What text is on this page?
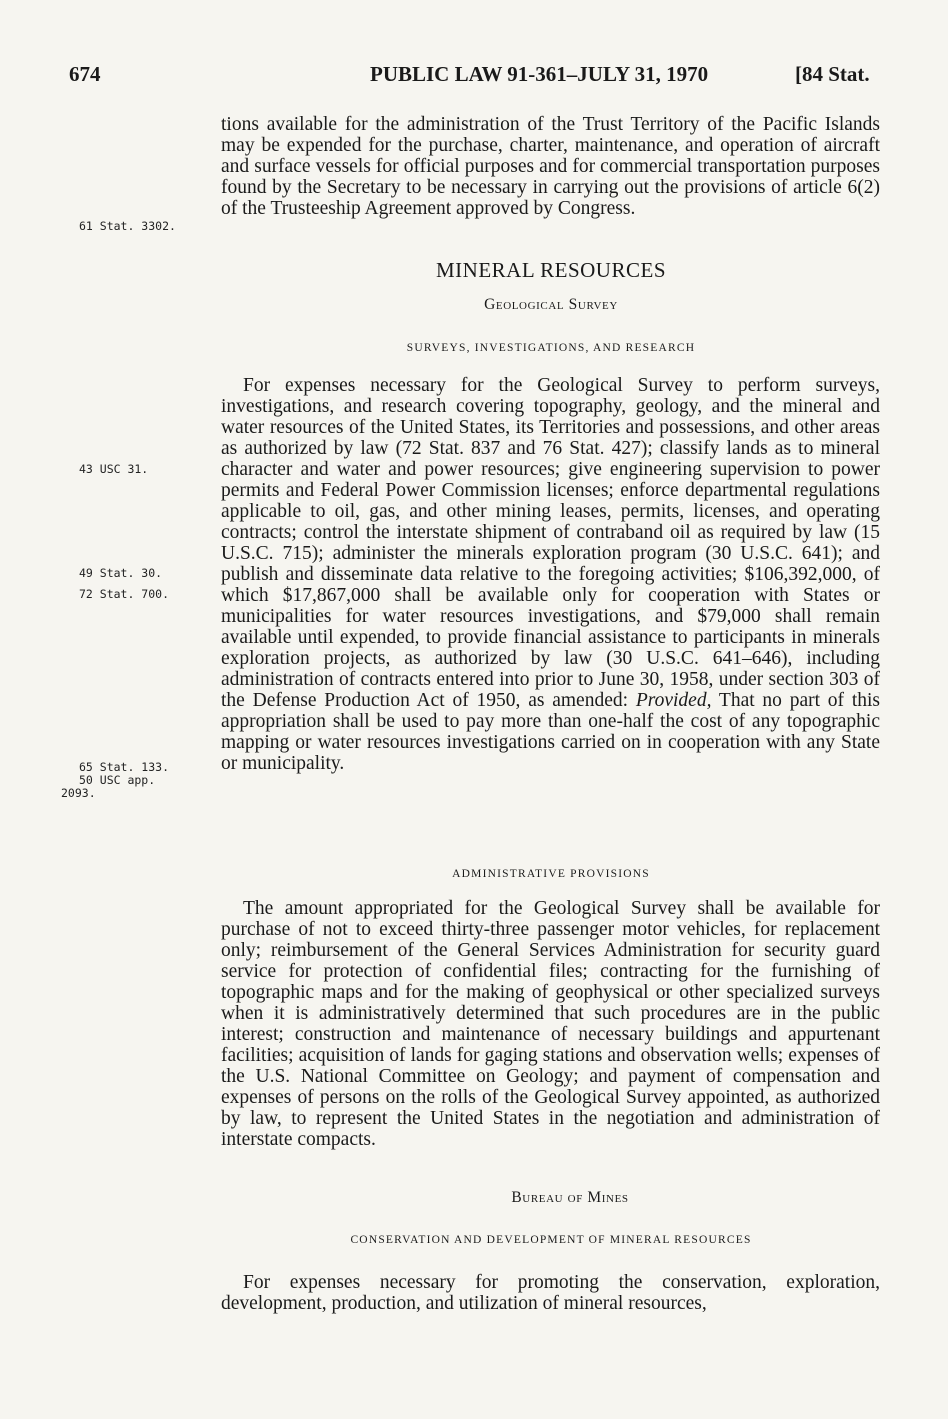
674	PUBLIC LAW 91-361–JULY 31, 1970	[84 Stat.
61 Stat. 3302.
43 USC 31.
49 Stat. 30.
72 Stat. 700.
65 Stat. 133.
50 USC app.
2093.
tions available for the administration of the Trust Territory of the Pacific Islands may be expended for the purchase, charter, maintenance, and operation of aircraft and surface vessels for official purposes and for commercial transportation purposes found by the Secretary to be necessary in carrying out the provisions of article 6(2) of the Trusteeship Agreement approved by Congress.
MINERAL RESOURCES
Geological Survey
SURVEYS, INVESTIGATIONS, AND RESEARCH
For expenses necessary for the Geological Survey to perform surveys, investigations, and research covering topography, geology, and the mineral and water resources of the United States, its Territories and possessions, and other areas as authorized by law (72 Stat. 837 and 76 Stat. 427); classify lands as to mineral character and water and power resources; give engineering supervision to power permits and Federal Power Commission licenses; enforce departmental regulations applicable to oil, gas, and other mining leases, permits, licenses, and operating contracts; control the interstate shipment of contraband oil as required by law (15 U.S.C. 715); administer the minerals exploration program (30 U.S.C. 641); and publish and disseminate data relative to the foregoing activities; $106,392,000, of which $17,867,000 shall be available only for cooperation with States or municipalities for water resources investigations, and $79,000 shall remain available until expended, to provide financial assistance to participants in minerals exploration projects, as authorized by law (30 U.S.C. 641–646), including administration of contracts entered into prior to June 30, 1958, under section 303 of the Defense Production Act of 1950, as amended: Provided, That no part of this appropriation shall be used to pay more than one-half the cost of any topographic mapping or water resources investigations carried on in cooperation with any State or municipality.
ADMINISTRATIVE PROVISIONS
The amount appropriated for the Geological Survey shall be available for purchase of not to exceed thirty-three passenger motor vehicles, for replacement only; reimbursement of the General Services Administration for security guard service for protection of confidential files; contracting for the furnishing of topographic maps and for the making of geophysical or other specialized surveys when it is administratively determined that such procedures are in the public interest; construction and maintenance of necessary buildings and appurtenant facilities; acquisition of lands for gaging stations and observation wells; expenses of the U.S. National Committee on Geology; and payment of compensation and expenses of persons on the rolls of the Geological Survey appointed, as authorized by law, to represent the United States in the negotiation and administration of interstate compacts.
Bureau of Mines
CONSERVATION AND DEVELOPMENT OF MINERAL RESOURCES
For expenses necessary for promoting the conservation, exploration, development, production, and utilization of mineral resources,
